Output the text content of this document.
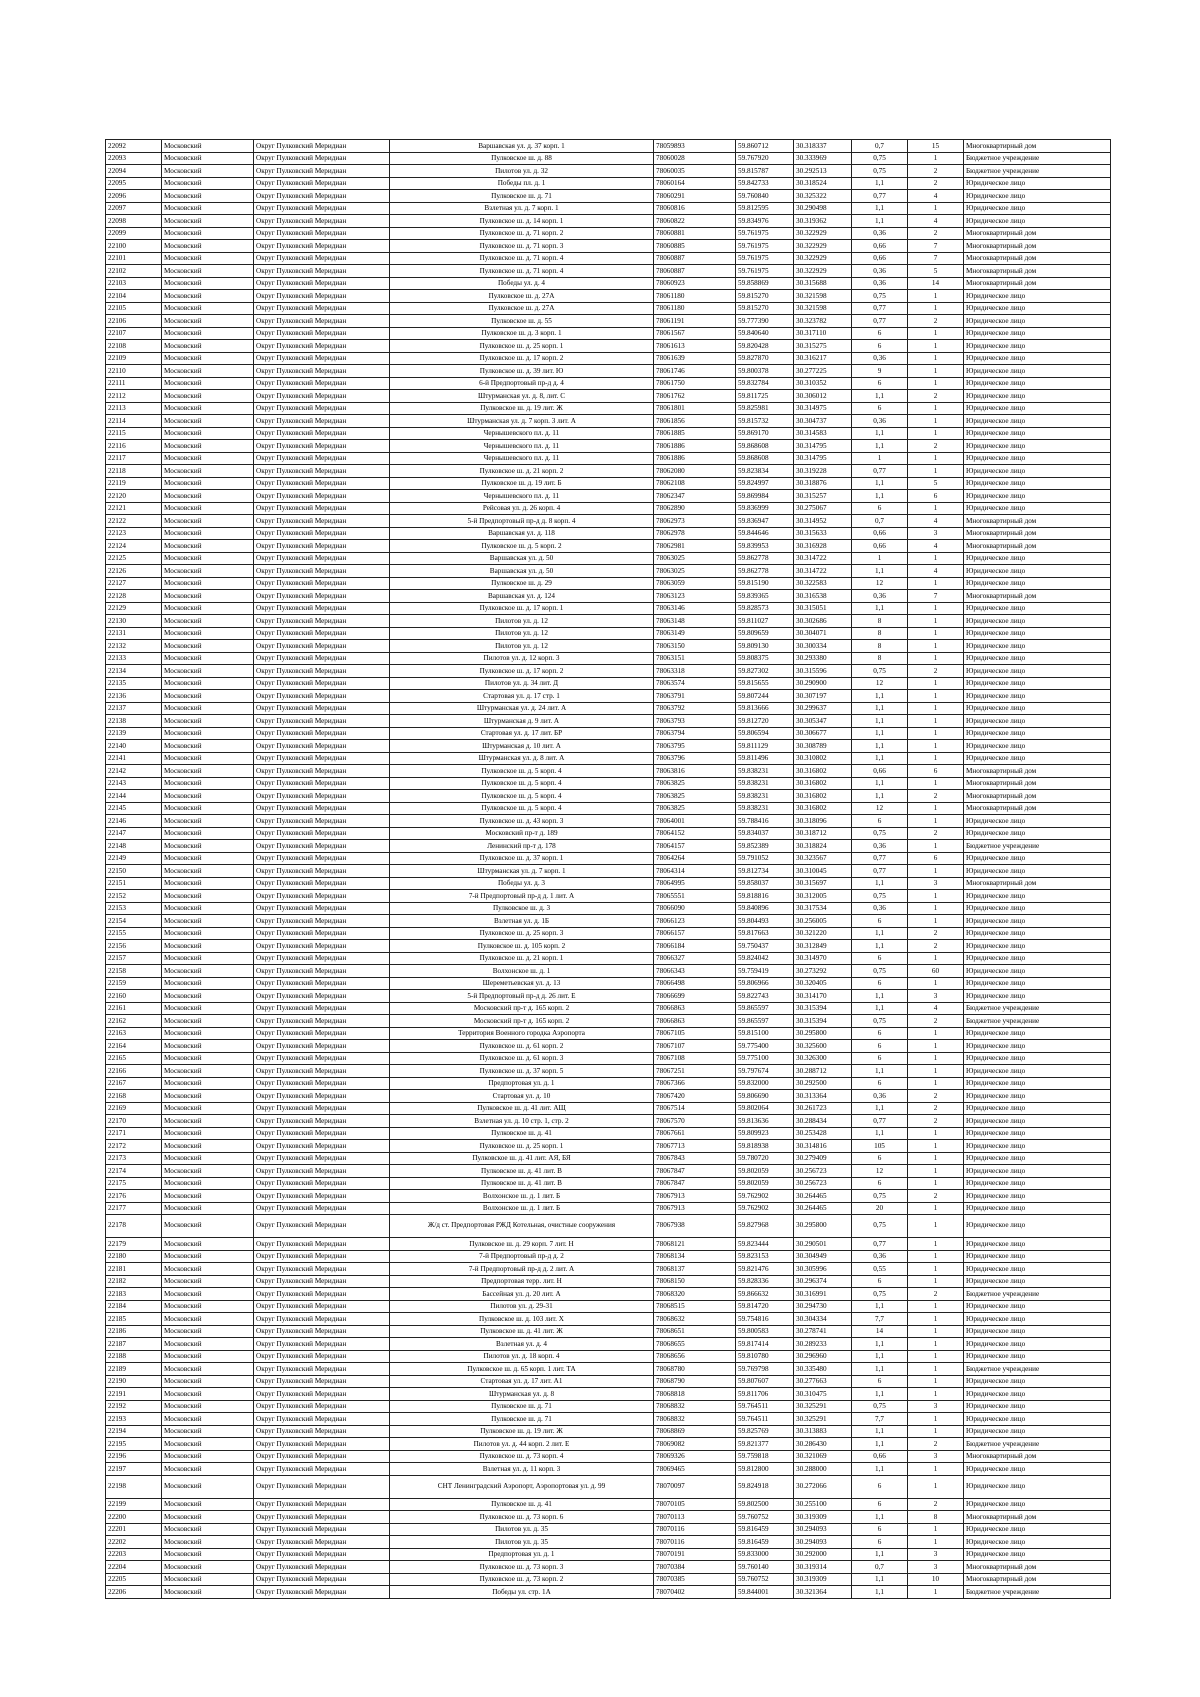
22092	Московский	Округ Пулковский Меридиан	Варшавская ул. д. 37 корп. 1	78059893	59.860712	30.318337	0,7	15	Многоквартирный дом
22093	Московский	Округ Пулковский Меридиан	Пулковское ш. д. 88	78060028	59.767920	30.333969	0,75	1	Бюджетное учреждение
22094	Московский	Округ Пулковский Меридиан	Пилотов ул. д. 32	78060035	59.815787	30.292513	0,75	2	Бюджетное учреждение
22095	Московский	Округ Пулковский Меридиан	Победы пл. д. 1	78060164	59.842733	30.318524	1,1	2	Юридическое лицо
22096	Московский	Округ Пулковский Меридиан	Пулковское ш. д. 71	78060291	59.760840	30.325322	0,77	4	Юридическое лицо
22097	Московский	Округ Пулковский Меридиан	Взлетная ул. д. 7 корп. 1	78060816	59.812595	30.290498	1,1	1	Юридическое лицо
22098	Московский	Округ Пулковский Меридиан	Пулковское ш. д. 14 корп. 1	78060822	59.834976	30.319362	1,1	4	Юридическое лицо
22099	Московский	Округ Пулковский Меридиан	Пулковское ш. д. 71 корп. 2	78060881	59.761975	30.322929	0,36	2	Многоквартирный дом
22100	Московский	Округ Пулковский Меридиан	Пулковское ш. д. 71 корп. 3	78060885	59.761975	30.322929	0,66	7	Многоквартирный дом
22101	Московский	Округ Пулковский Меридиан	Пулковское ш. д. 71 корп. 4	78060887	59.761975	30.322929	0,66	7	Многоквартирный дом
22102	Московский	Округ Пулковский Меридиан	Пулковское ш. д. 71 корп. 4	78060887	59.761975	30.322929	0,36	5	Многоквартирный дом
22103	Московский	Округ Пулковский Меридиан	Победы ул. д. 4	78060923	59.858869	30.315688	0,36	14	Многоквартирный дом
22104	Московский	Округ Пулковский Меридиан	Пулковское ш. д. 27А	78061180	59.815270	30.321598	0,75	1	Юридическое лицо
22105	Московский	Округ Пулковский Меридиан	Пулковское ш. д. 27А	78061180	59.815270	30.321598	0,77	1	Юридическое лицо
22106	Московский	Округ Пулковский Меридиан	Пулковское ш. д. 55	78061191	59.777390	30.323782	0,77	2	Юридическое лицо
22107	Московский	Округ Пулковский Меридиан	Пулковское ш. д. 3 корп. 1	78061567	59.840640	30.317110	6	1	Юридическое лицо
22108	Московский	Округ Пулковский Меридиан	Пулковское ш. д. 25 корп. 1	78061613	59.820428	30.315275	6	1	Юридическое лицо
22109	Московский	Округ Пулковский Меридиан	Пулковское ш. д. 17 корп. 2	78061639	59.827870	30.316217	0,36	1	Юридическое лицо
22110	Московский	Округ Пулковский Меридиан	Пулковское ш. д. 39 лит. Ю	78061746	59.800378	30.277225	9	1	Юридическое лицо
22111	Московский	Округ Пулковский Меридиан	6-й Предпортовый пр-д д. 4	78061750	59.832784	30.310352	6	1	Юридическое лицо
22112	Московский	Округ Пулковский Меридиан	Штурманская ул. д. 8, лит. С	78061762	59.811725	30.306012	1,1	2	Юридическое лицо
22113	Московский	Округ Пулковский Меридиан	Пулковское ш. д. 19 лит. Ж	78061801	59.825981	30.314975	6	1	Юридическое лицо
22114	Московский	Округ Пулковский Меридиан	Штурманская ул. д. 7 корп. 3 лит. А	78061856	59.815732	30.304737	0,36	1	Юридическое лицо
22115	Московский	Округ Пулковский Меридиан	Чернышевского пл. д. 11	78061885	59.869170	30.314583	1,1	1	Юридическое лицо
22116	Московский	Округ Пулковский Меридиан	Чернышевского пл. д. 11	78061886	59.868608	30.314795	1,1	2	Юридическое лицо
22117	Московский	Округ Пулковский Меридиан	Чернышевского пл. д. 11	78061886	59.868608	30.314795	1	1	Юридическое лицо
22118	Московский	Округ Пулковский Меридиан	Пулковское ш. д. 21 корп. 2	78062080	59.823834	30.319228	0,77	1	Юридическое лицо
22119	Московский	Округ Пулковский Меридиан	Пулковское ш. д. 19 лит. Б	78062108	59.824997	30.318876	1,1	5	Юридическое лицо
22120	Московский	Округ Пулковский Меридиан	Чернышевского пл. д. 11	78062347	59.869984	30.315257	1,1	6	Юридическое лицо
22121	Московский	Округ Пулковский Меридиан	Рейсовая ул. д. 26 корп. 4	78062890	59.836999	30.275067	6	1	Юридическое лицо
22122	Московский	Округ Пулковский Меридиан	5-й Предпортовый пр-д д. 8 корп. 4	78062973	59.836947	30.314952	0,7	4	Многоквартирный дом
22123	Московский	Округ Пулковский Меридиан	Варшавская ул. д. 118	78062978	59.844646	30.315633	0,66	3	Многоквартирный дом
22124	Московский	Округ Пулковский Меридиан	Пулковское ш. д. 5 корп. 2	78062981	59.839953	30.316928	0,66	4	Многоквартирный дом
22125	Московский	Округ Пулковский Меридиан	Варшавская ул. д. 50	78063025	59.862778	30.314722	1	1	Юридическое лицо
22126	Московский	Округ Пулковский Меридиан	Варшавская ул. д. 50	78063025	59.862778	30.314722	1,1	4	Юридическое лицо
22127	Московский	Округ Пулковский Меридиан	Пулковское ш. д. 29	78063059	59.815190	30.322583	12	1	Юридическое лицо
22128	Московский	Округ Пулковский Меридиан	Варшавская ул. д. 124	78063123	59.839365	30.316538	0,36	7	Многоквартирный дом
22129	Московский	Округ Пулковский Меридиан	Пулковское ш. д. 17 корп. 1	78063146	59.828573	30.315051	1,1	1	Юридическое лицо
22130	Московский	Округ Пулковский Меридиан	Пилотов ул. д. 12	78063148	59.811027	30.302686	8	1	Юридическое лицо
22131	Московский	Округ Пулковский Меридиан	Пилотов ул. д. 12	78063149	59.809659	30.304071	8	1	Юридическое лицо
22132	Московский	Округ Пулковский Меридиан	Пилотов ул. д. 12	78063150	59.809130	30.300334	8	1	Юридическое лицо
22133	Московский	Округ Пулковский Меридиан	Пилотов ул. д. 12 корп. 3	78063151	59.808375	30.293380	8	1	Юридическое лицо
22134	Московский	Округ Пулковский Меридиан	Пулковское ш. д. 17 корп. 2	78063318	59.827302	30.315596	0,75	2	Юридическое лицо
22135	Московский	Округ Пулковский Меридиан	Пилотов ул. д. 34 лит. Д	78063574	59.815655	30.290900	12	1	Юридическое лицо
22136	Московский	Округ Пулковский Меридиан	Стартовая ул. д. 17 стр. 1	78063791	59.807244	30.307197	1,1	1	Юридическое лицо
22137	Московский	Округ Пулковский Меридиан	Штурманская ул. д. 24 лит. А	78063792	59.813666	30.299637	1,1	1	Юридическое лицо
22138	Московский	Округ Пулковский Меридиан	Штурманская д. 9 лит. А	78063793	59.812720	30.305347	1,1	1	Юридическое лицо
22139	Московский	Округ Пулковский Меридиан	Стартовая ул. д. 17 лит. БР	78063794	59.806594	30.306677	1,1	1	Юридическое лицо
22140	Московский	Округ Пулковский Меридиан	Штурманская д. 10 лит. А	78063795	59.811129	30.308789	1,1	1	Юридическое лицо
22141	Московский	Округ Пулковский Меридиан	Штурманская ул. д. 8 лит. А	78063796	59.811496	30.310802	1,1	1	Юридическое лицо
22142	Московский	Округ Пулковский Меридиан	Пулковское ш. д. 5 корп. 4	78063816	59.838231	30.316802	0,66	6	Многоквартирный дом
22143	Московский	Округ Пулковский Меридиан	Пулковское ш. д. 5 корп. 4	78063825	59.838231	30.316802	1,1	1	Многоквартирный дом
22144	Московский	Округ Пулковский Меридиан	Пулковское ш. д. 5 корп. 4	78063825	59.838231	30.316802	1,1	2	Многоквартирный дом
22145	Московский	Округ Пулковский Меридиан	Пулковское ш. д. 5 корп. 4	78063825	59.838231	30.316802	12	1	Многоквартирный дом
22146	Московский	Округ Пулковский Меридиан	Пулковское ш. д. 43 корп. 3	78064001	59.788416	30.318096	6	1	Юридическое лицо
22147	Московский	Округ Пулковский Меридиан	Московский пр-т д. 189	78064152	59.834037	30.318712	0,75	2	Юридическое лицо
22148	Московский	Округ Пулковский Меридиан	Ленинский пр-т д. 178	78064157	59.852389	30.318824	0,36	1	Бюджетное учреждение
22149	Московский	Округ Пулковский Меридиан	Пулковское ш. д. 37 корп. 1	78064264	59.791052	30.323567	0,77	6	Юридическое лицо
22150	Московский	Округ Пулковский Меридиан	Штурманская ул. д. 7 корп. 1	78064314	59.812734	30.310045	0,77	1	Юридическое лицо
22151	Московский	Округ Пулковский Меридиан	Победы ул. д. 3	78064995	59.858037	30.315697	1,1	3	Многоквартирный дом
22152	Московский	Округ Пулковский Меридиан	7-й Предпортовый пр-д д. 1 лит. А	78065551	59.818816	30.312005	0,75	1	Юридическое лицо
22153	Московский	Округ Пулковский Меридиан	Пулковское ш. д. 3	78066090	59.840896	30.317534	0,36	1	Юридическое лицо
22154	Московский	Округ Пулковский Меридиан	Взлетная ул. д. 1Б	78066123	59.804493	30.256005	6	1	Юридическое лицо
22155	Московский	Округ Пулковский Меридиан	Пулковское ш. д. 25 корп. 3	78066157	59.817663	30.321220	1,1	2	Юридическое лицо
22156	Московский	Округ Пулковский Меридиан	Пулковское ш. д. 105 корп. 2	78066184	59.750437	30.312849	1,1	2	Юридическое лицо
22157	Московский	Округ Пулковский Меридиан	Пулковское ш. д. 21 корп. 1	78066327	59.824042	30.314970	6	1	Юридическое лицо
22158	Московский	Округ Пулковский Меридиан	Волхонское ш. д. 1	78066343	59.759419	30.273292	0,75	60	Юридическое лицо
22159	Московский	Округ Пулковский Меридиан	Шереметьевская ул. д. 13	78066498	59.806966	30.320405	6	1	Юридическое лицо
22160	Московский	Округ Пулковский Меридиан	5-й Предпортовый пр-д д. 26 лит. Е	78066699	59.822743	30.314170	1,1	3	Юридическое лицо
22161	Московский	Округ Пулковский Меридиан	Московский пр-т д. 165 корп. 2	78066863	59.865597	30.315394	1,1	4	Бюджетное учреждение
22162	Московский	Округ Пулковский Меридиан	Московский пр-т д. 165 корп. 2	78066863	59.865597	30.315394	0,75	2	Бюджетное учреждение
22163	Московский	Округ Пулковский Меридиан	Территория Военного городка Аэропорта	78067105	59.815100	30.295800	6	1	Юридическое лицо
22164	Московский	Округ Пулковский Меридиан	Пулковское ш. д. 61 корп. 2	78067107	59.775400	30.325600	6	1	Юридическое лицо
22165	Московский	Округ Пулковский Меридиан	Пулковское ш. д. 61 корп. 3	78067108	59.775100	30.326300	6	1	Юридическое лицо
22166	Московский	Округ Пулковский Меридиан	Пулковское ш. д. 37 корп. 5	78067251	59.797674	30.288712	1,1	1	Юридическое лицо
22167	Московский	Округ Пулковский Меридиан	Предпортовая ул. д. 1	78067366	59.832000	30.292500	6	1	Юридическое лицо
22168	Московский	Округ Пулковский Меридиан	Стартовая ул. д. 10	78067420	59.806690	30.313364	0,36	2	Юридическое лицо
22169	Московский	Округ Пулковский Меридиан	Пулковское ш. д. 41 лит. АЩ	78067514	59.802064	30.261723	1,1	2	Юридическое лицо
22170	Московский	Округ Пулковский Меридиан	Взлетная ул. д. 10 стр. 1, стр. 2	78067570	59.813636	30.288434	0,77	2	Юридическое лицо
22171	Московский	Округ Пулковский Меридиан	Пулковское ш. д. 41	78067661	59.809923	30.253428	1,1	1	Юридическое лицо
22172	Московский	Округ Пулковский Меридиан	Пулковское ш. д. 25 корп. 1	78067713	59.818938	30.314816	105	1	Юридическое лицо
22173	Московский	Округ Пулковский Меридиан	Пулковское ш. д. 41 лит. АЯ, БЯ	78067843	59.780720	30.279409	6	1	Юридическое лицо
22174	Московский	Округ Пулковский Меридиан	Пулковское ш. д. 41 лит. В	78067847	59.802059	30.256723	12	1	Юридическое лицо
22175	Московский	Округ Пулковский Меридиан	Пулковское ш. д. 41 лит. В	78067847	59.802059	30.256723	6	1	Юридическое лицо
22176	Московский	Округ Пулковский Меридиан	Волхонское ш. д. 1 лит. Б	78067913	59.762902	30.264465	0,75	2	Юридическое лицо
22177	Московский	Округ Пулковский Меридиан	Волхонское ш. д. 1 лит. Б	78067913	59.762902	30.264465	20	1	Юридическое лицо
22178	Московский	Округ Пулковский Меридиан	Ж/д ст. Предпортовая РЖД Котельная, очистные сооружения	78067938	59.827968	30.295800	0,75	1	Юридическое лицо
22179	Московский	Округ Пулковский Меридиан	Пулковское ш. д. 29 корп. 7 лит. Н	78068121	59.823444	30.290501	0,77	1	Юридическое лицо
22180	Московский	Округ Пулковский Меридиан	7-й Предпортовый пр-д д. 2	78068134	59.823153	30.304949	0,36	1	Юридическое лицо
22181	Московский	Округ Пулковский Меридиан	7-й Предпортовый пр-д д. 2 лит. А	78068137	59.821476	30.305996	0,55	1	Юридическое лицо
22182	Московский	Округ Пулковский Меридиан	Предпортовая терр. лит. Н	78068150	59.828336	30.296374	6	1	Юридическое лицо
22183	Московский	Округ Пулковский Меридиан	Бассейная ул. д. 20 лит. А	78068320	59.866632	30.316991	0,75	2	Бюджетное учреждение
22184	Московский	Округ Пулковский Меридиан	Пилотов ул. д. 29-31	78068515	59.814720	30.294730	1,1	1	Юридическое лицо
22185	Московский	Округ Пулковский Меридиан	Пулковское ш. д. 103 лит. Х	78068632	59.754816	30.304334	7,7	1	Юридическое лицо
22186	Московский	Округ Пулковский Меридиан	Пулковское ш. д. 41 лит. Ж	78068651	59.800583	30.278741	14	1	Юридическое лицо
22187	Московский	Округ Пулковский Меридиан	Взлетная ул. д. 4	78068655	59.817414	30.289233	1,1	1	Юридическое лицо
22188	Московский	Округ Пулковский Меридиан	Пилотов ул. д. 18 корп. 4	78068656	59.810780	30.296960	1,1	1	Юридическое лицо
22189	Московский	Округ Пулковский Меридиан	Пулковское ш. д. 65 корп. 1 лит. ТА	78068780	59.769798	30.335480	1,1	1	Бюджетное учреждение
22190	Московский	Округ Пулковский Меридиан	Стартовая ул. д. 17 лит. А1	78068790	59.807607	30.277663	6	1	Юридическое лицо
22191	Московский	Округ Пулковский Меридиан	Штурманская ул. д. 8	78068818	59.811706	30.310475	1,1	1	Юридическое лицо
22192	Московский	Округ Пулковский Меридиан	Пулковское ш. д. 71	78068832	59.764511	30.325291	0,75	3	Юридическое лицо
22193	Московский	Округ Пулковский Меридиан	Пулковское ш. д. 71	78068832	59.764511	30.325291	7,7	1	Юридическое лицо
22194	Московский	Округ Пулковский Меридиан	Пулковское ш. д. 19 лит. Ж	78068869	59.825769	30.313883	1,1	1	Юридическое лицо
22195	Московский	Округ Пулковский Меридиан	Пилотов ул. д. 44 корп. 2 лит. Е	78069082	59.821377	30.286430	1,1	2	Бюджетное учреждение
22196	Московский	Округ Пулковский Меридиан	Пулковское ш. д. 73 корп. 4	78069326	59.759818	30.321069	0,66	3	Многоквартирный дом
22197	Московский	Округ Пулковский Меридиан	Взлетная ул. д. 11 корп. 3	78069465	59.812800	30.288000	1,1	1	Юридическое лицо
22198	Московский	Округ Пулковский Меридиан	СНТ Ленинградский Аэропорт, Аэропортовая ул. д. 99	78070097	59.824918	30.272066	6	1	Юридическое лицо
22199	Московский	Округ Пулковский Меридиан	Пулковское ш. д. 41	78070105	59.802500	30.255100	6	2	Юридическое лицо
22200	Московский	Округ Пулковский Меридиан	Пулковское ш. д. 73 корп. 6	78070113	59.760752	30.319309	1,1	8	Многоквартирный дом
22201	Московский	Округ Пулковский Меридиан	Пилотов ул. д. 35	78070116	59.816459	30.294093	6	1	Юридическое лицо
22202	Московский	Округ Пулковский Меридиан	Пилотов ул. д. 35	78070116	59.816459	30.294093	6	1	Юридическое лицо
22203	Московский	Округ Пулковский Меридиан	Предпортовая ул. д. 1	78070191	59.833000	30.292000	1,1	3	Юридическое лицо
22204	Московский	Округ Пулковский Меридиан	Пулковское ш. д. 73 корп. 3	78070384	59.760140	30.319314	0,7	3	Многоквартирный дом
22205	Московский	Округ Пулковский Меридиан	Пулковское ш. д. 73 корп. 2	78070385	59.760752	30.319309	1,1	10	Многоквартирный дом
22206	Московский	Округ Пулковский Меридиан	Победы ул. стр. 1А	78070402	59.844001	30.321364	1,1	1	Бюджетное учреждение
